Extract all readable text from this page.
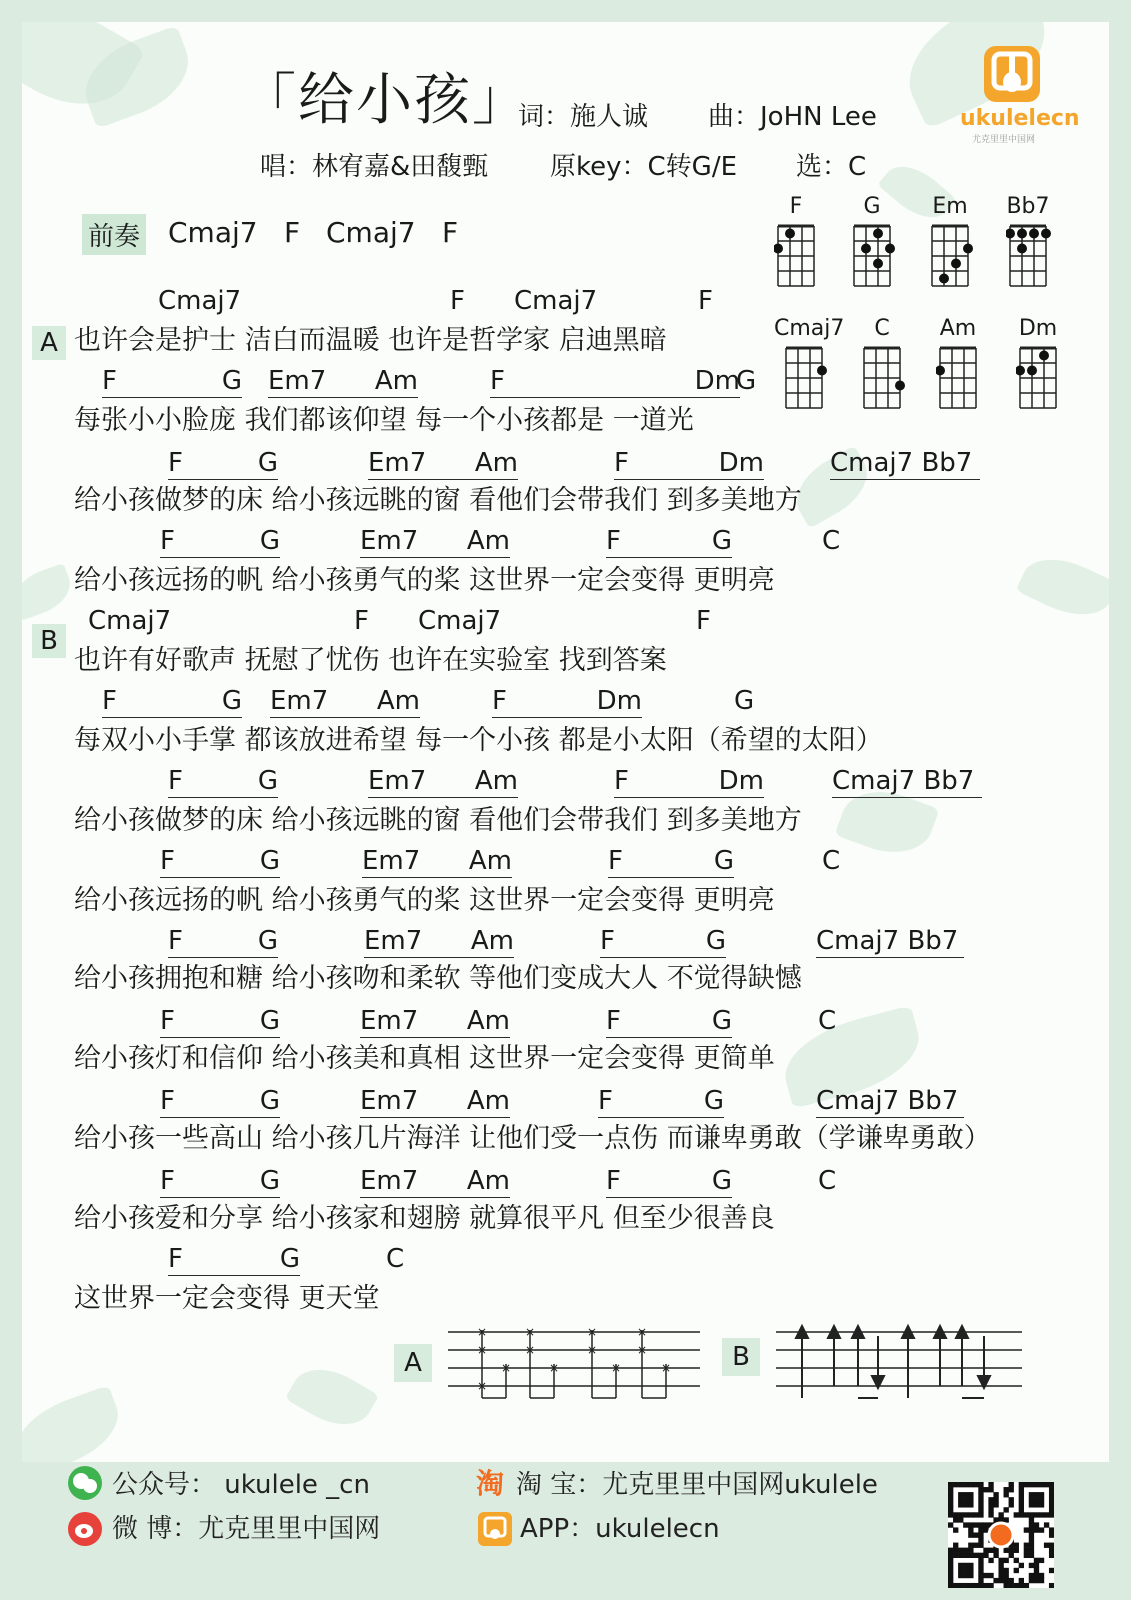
「给小孩」
词：施人诚 曲：JoHN Lee
唱：林宥嘉&田馥甄 原key：C转G/E 选：C
ukulelecn
尤克里里中国网
前奏 Cmaj7 F Cmaj7 F
F	G	Em	Bb7
Cmaj7	C	Am	Dm
A
B
Cmaj7	F Cmaj7	F
也许会是护士 洁白而温暖 也许是哲学家 启迪黑暗
F	G Em7 Am	F	Dm
G
每张小小脸庞 我们都该仰望 每一个小孩都是 一道光
F	G	Em7 Am	F	Dm	Cmaj7 Bb7
给小孩做梦的床 给小孩远眺的窗 看他们会带我们 到多美地方
F	G	Em7 Am	F	G	C
给小孩远扬的帆 给小孩勇气的桨 这世界一定会变得 更明亮
Cmaj7	F Cmaj7	F
也许有好歌声 抚慰了忧伤 也许在实验室 找到答案
F	G Em7 Am	F	Dm	G
每双小小手掌 都该放进希望 每一个小孩 都是小太阳（希望的太阳）
F	G	Em7 Am	F	Dm	Cmaj7 Bb7
给小孩做梦的床 给小孩远眺的窗 看他们会带我们 到多美地方
F	G	Em7 Am	F	G	C
给小孩远扬的帆 给小孩勇气的桨 这世界一定会变得 更明亮
F	G	Em7 Am	F	G	Cmaj7 Bb7
给小孩拥抱和糖 给小孩吻和柔软 等他们变成大人 不觉得缺憾
F	G	Em7 Am	F	G	C
给小孩灯和信仰 给小孩美和真相 这世界一定会变得 更简单
F	G	Em7 Am	F	G	Cmaj7 Bb7
给小孩一些高山 给小孩几片海洋 让他们受一点伤 而谦卑勇敢（学谦卑勇敢）
F	G	Em7 Am	F	G	C
给小孩爱和分享 给小孩家和翅膀 就算很平凡 但至少很善良
F	G	C
这世界一定会变得 更天堂
A
×
×
×
×
×
×
×
×
×
×
×
×
×	B
公众号： ukulele _cn
微 博：尤克里里中国网
淘 淘 宝：尤克里里中国网ukulele
APP：ukulelecn
